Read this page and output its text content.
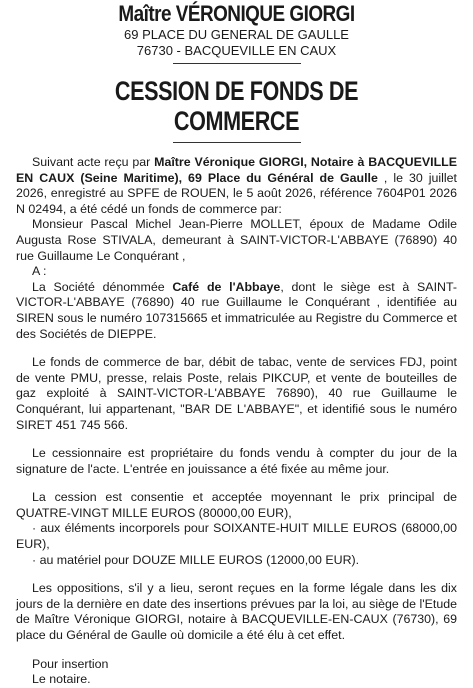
Maître VÉRONIQUE GIORGI
69 PLACE DU GENERAL DE GAULLE
76730 - BACQUEVILLE EN CAUX
CESSION DE FONDS DE COMMERCE

Suivant acte reçu par Maître Véronique GIORGI, Notaire à BACQUEVILLE EN CAUX (Seine Maritime), 69 Place du Général de Gaulle , le 30 juillet 2026, enregistré au SPFE de ROUEN, le 5 août 2026, référence 7604P01 2026 N 02494, a été cédé un fonds de commerce par:

Monsieur Pascal Michel Jean-Pierre MOLLET, époux de Madame Odile Augusta Rose STIVALA, demeurant à SAINT-VICTOR-L'ABBAYE (76890) 40 rue Guillaume Le Conquérant ,

A :

La Société dénommée Café de l'Abbaye, dont le siège est à SAINT-VICTOR-L'ABBAYE (76890) 40 rue Guillaume le Conquérant , identifiée au SIREN sous le numéro 107315665 et immatriculée au Registre du Commerce et des Sociétés de DIEPPE.

Le fonds de commerce de bar, débit de tabac, vente de services FDJ, point de vente PMU, presse, relais Poste, relais PIKCUP, et vente de bouteilles de gaz exploité à SAINT-VICTOR-L'ABBAYE 76890), 40 rue Guillaume le Conquérant, lui appartenant, "BAR DE L'ABBAYE", et identifié sous le numéro SIRET 451 745 566.

Le cessionnaire est propriétaire du fonds vendu à compter du jour de la signature de l'acte. L'entrée en jouissance a été fixée au même jour.

La cession est consentie et acceptée moyennant le prix principal de QUATRE-VINGT MILLE EUROS (80000,00 EUR),

· aux éléments incorporels pour SOIXANTE-HUIT MILLE EUROS (68000,00 EUR),

· au matériel pour DOUZE MILLE EUROS (12000,00 EUR).

Les oppositions, s'il y a lieu, seront reçues en la forme légale dans les dix jours de la dernière en date des insertions prévues par la loi, au siège de l'Etude de Maître Véronique GIORGI, notaire à BACQUEVILLE-EN-CAUX (76730), 69 place du Général de Gaulle où domicile a été élu à cet effet.

Pour insertion

Le notaire.
